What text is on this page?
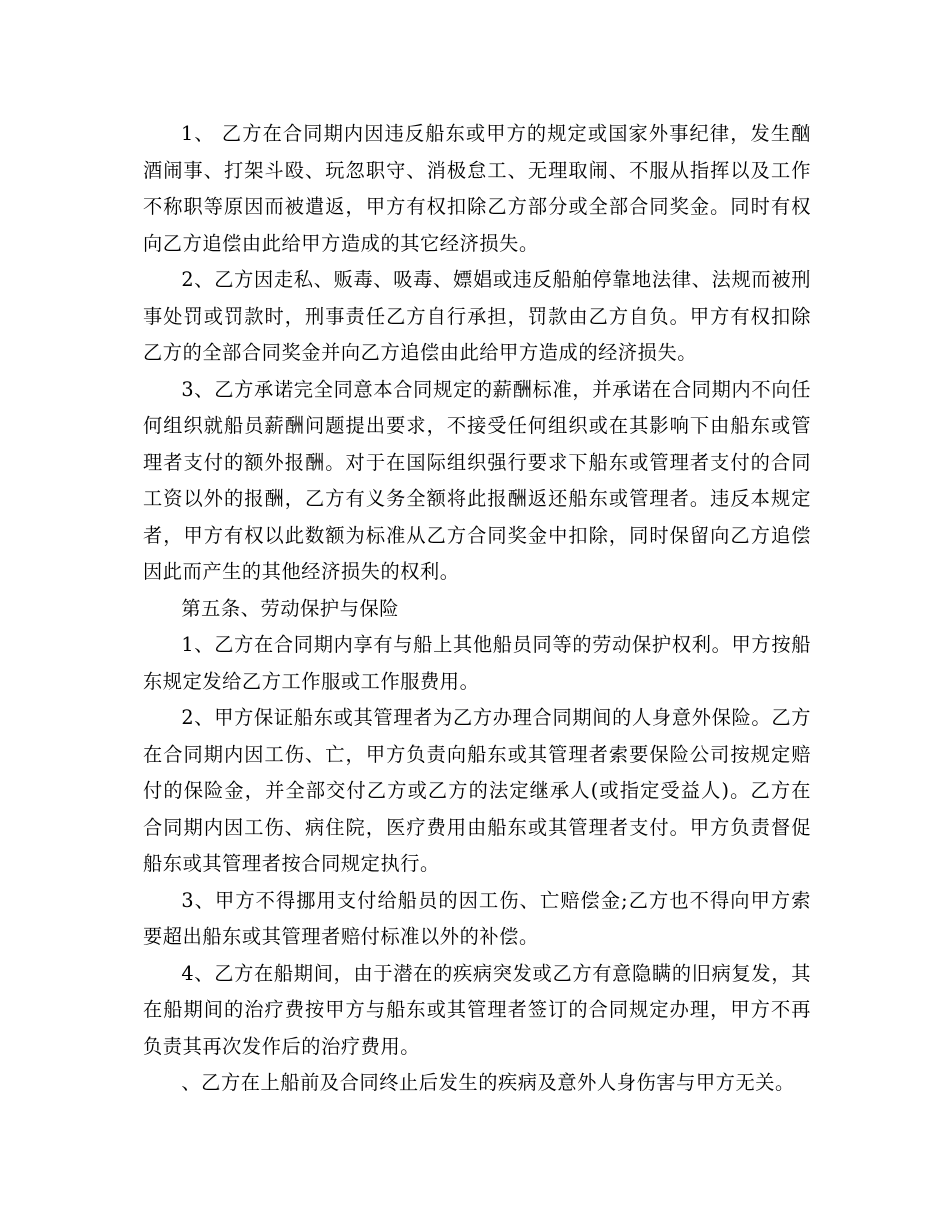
1、 乙方在合同期内因违反船东或甲方的规定或国家外事纪律，发生酗酒闹事、打架斗殴、玩忽职守、消极怠工、无理取闹、不服从指挥以及工作不称职等原因而被遣返，甲方有权扣除乙方部分或全部合同奖金。同时有权向乙方追偿由此给甲方造成的其它经济损失。

2、乙方因走私、贩毒、吸毒、嫖娼或违反船舶停靠地法律、法规而被刑事处罚或罚款时，刑事责任乙方自行承担，罚款由乙方自负。甲方有权扣除乙方的全部合同奖金并向乙方追偿由此给甲方造成的经济损失。

3、乙方承诺完全同意本合同规定的薪酬标准，并承诺在合同期内不向任何组织就船员薪酬问题提出要求，不接受任何组织或在其影响下由船东或管理者支付的额外报酬。对于在国际组织强行要求下船东或管理者支付的合同工资以外的报酬，乙方有义务全额将此报酬返还船东或管理者。违反本规定者，甲方有权以此数额为标准从乙方合同奖金中扣除，同时保留向乙方追偿因此而产生的其他经济损失的权利。

第五条、劳动保护与保险

1、乙方在合同期内享有与船上其他船员同等的劳动保护权利。甲方按船东规定发给乙方工作服或工作服费用。

2、甲方保证船东或其管理者为乙方办理合同期间的人身意外保险。乙方在合同期内因工伤、亡，甲方负责向船东或其管理者索要保险公司按规定赔付的保险金，并全部交付乙方或乙方的法定继承人(或指定受益人)。乙方在合同期内因工伤、病住院，医疗费用由船东或其管理者支付。甲方负责督促船东或其管理者按合同规定执行。

3、甲方不得挪用支付给船员的因工伤、亡赔偿金;乙方也不得向甲方索要超出船东或其管理者赔付标准以外的补偿。

4、乙方在船期间，由于潜在的疾病突发或乙方有意隐瞒的旧病复发，其在船期间的治疗费按甲方与船东或其管理者签订的合同规定办理，甲方不再负责其再次发作后的治疗费用。

、乙方在上船前及合同终止后发生的疾病及意外人身伤害与甲方无关。
